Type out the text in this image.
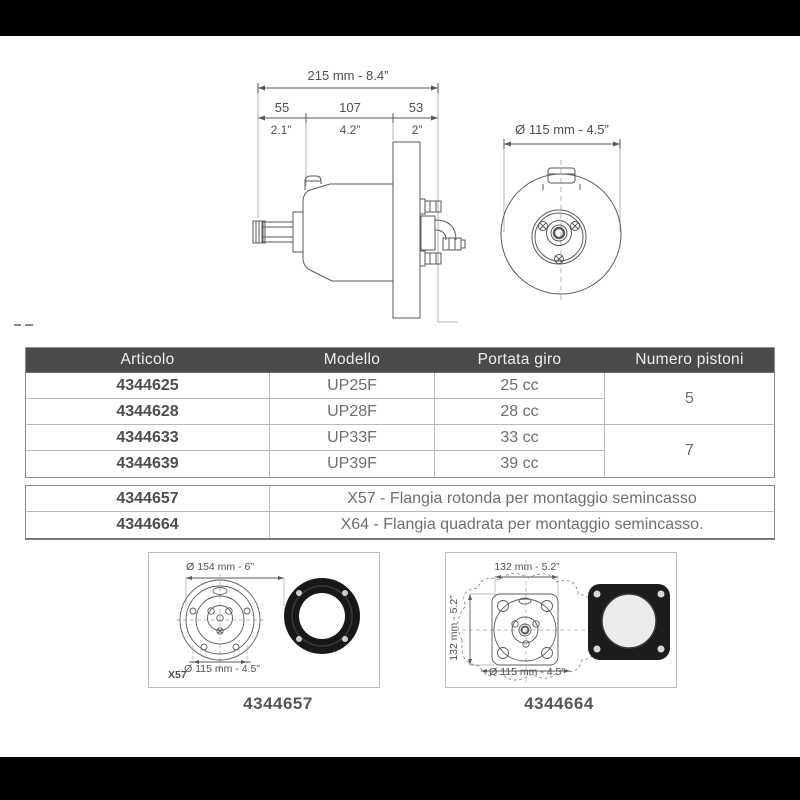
215 mm - 8.4”
55	107	53
2.1”	4.2”	2”	Ø 115 mm - 4.5”
Articolo	Modello	Portata giro	Numero pistoni
4344625	UP25F	25 cc
5
4344628	UP28F	28 cc
4344633	UP33F	33 cc
7
4344639	UP39F	39 cc
4344657	X57 - Flangia rotonda per montaggio semincasso
4344664	X64 - Flangia quadrata per montaggio semincasso.
Ø 154 mm - 6”
Ø 115 mm - 4.5”
X57
4344657
132 mm - 5.2”
132 mm - 5.2”
Ø 115 mm - 4.5”
4344664
